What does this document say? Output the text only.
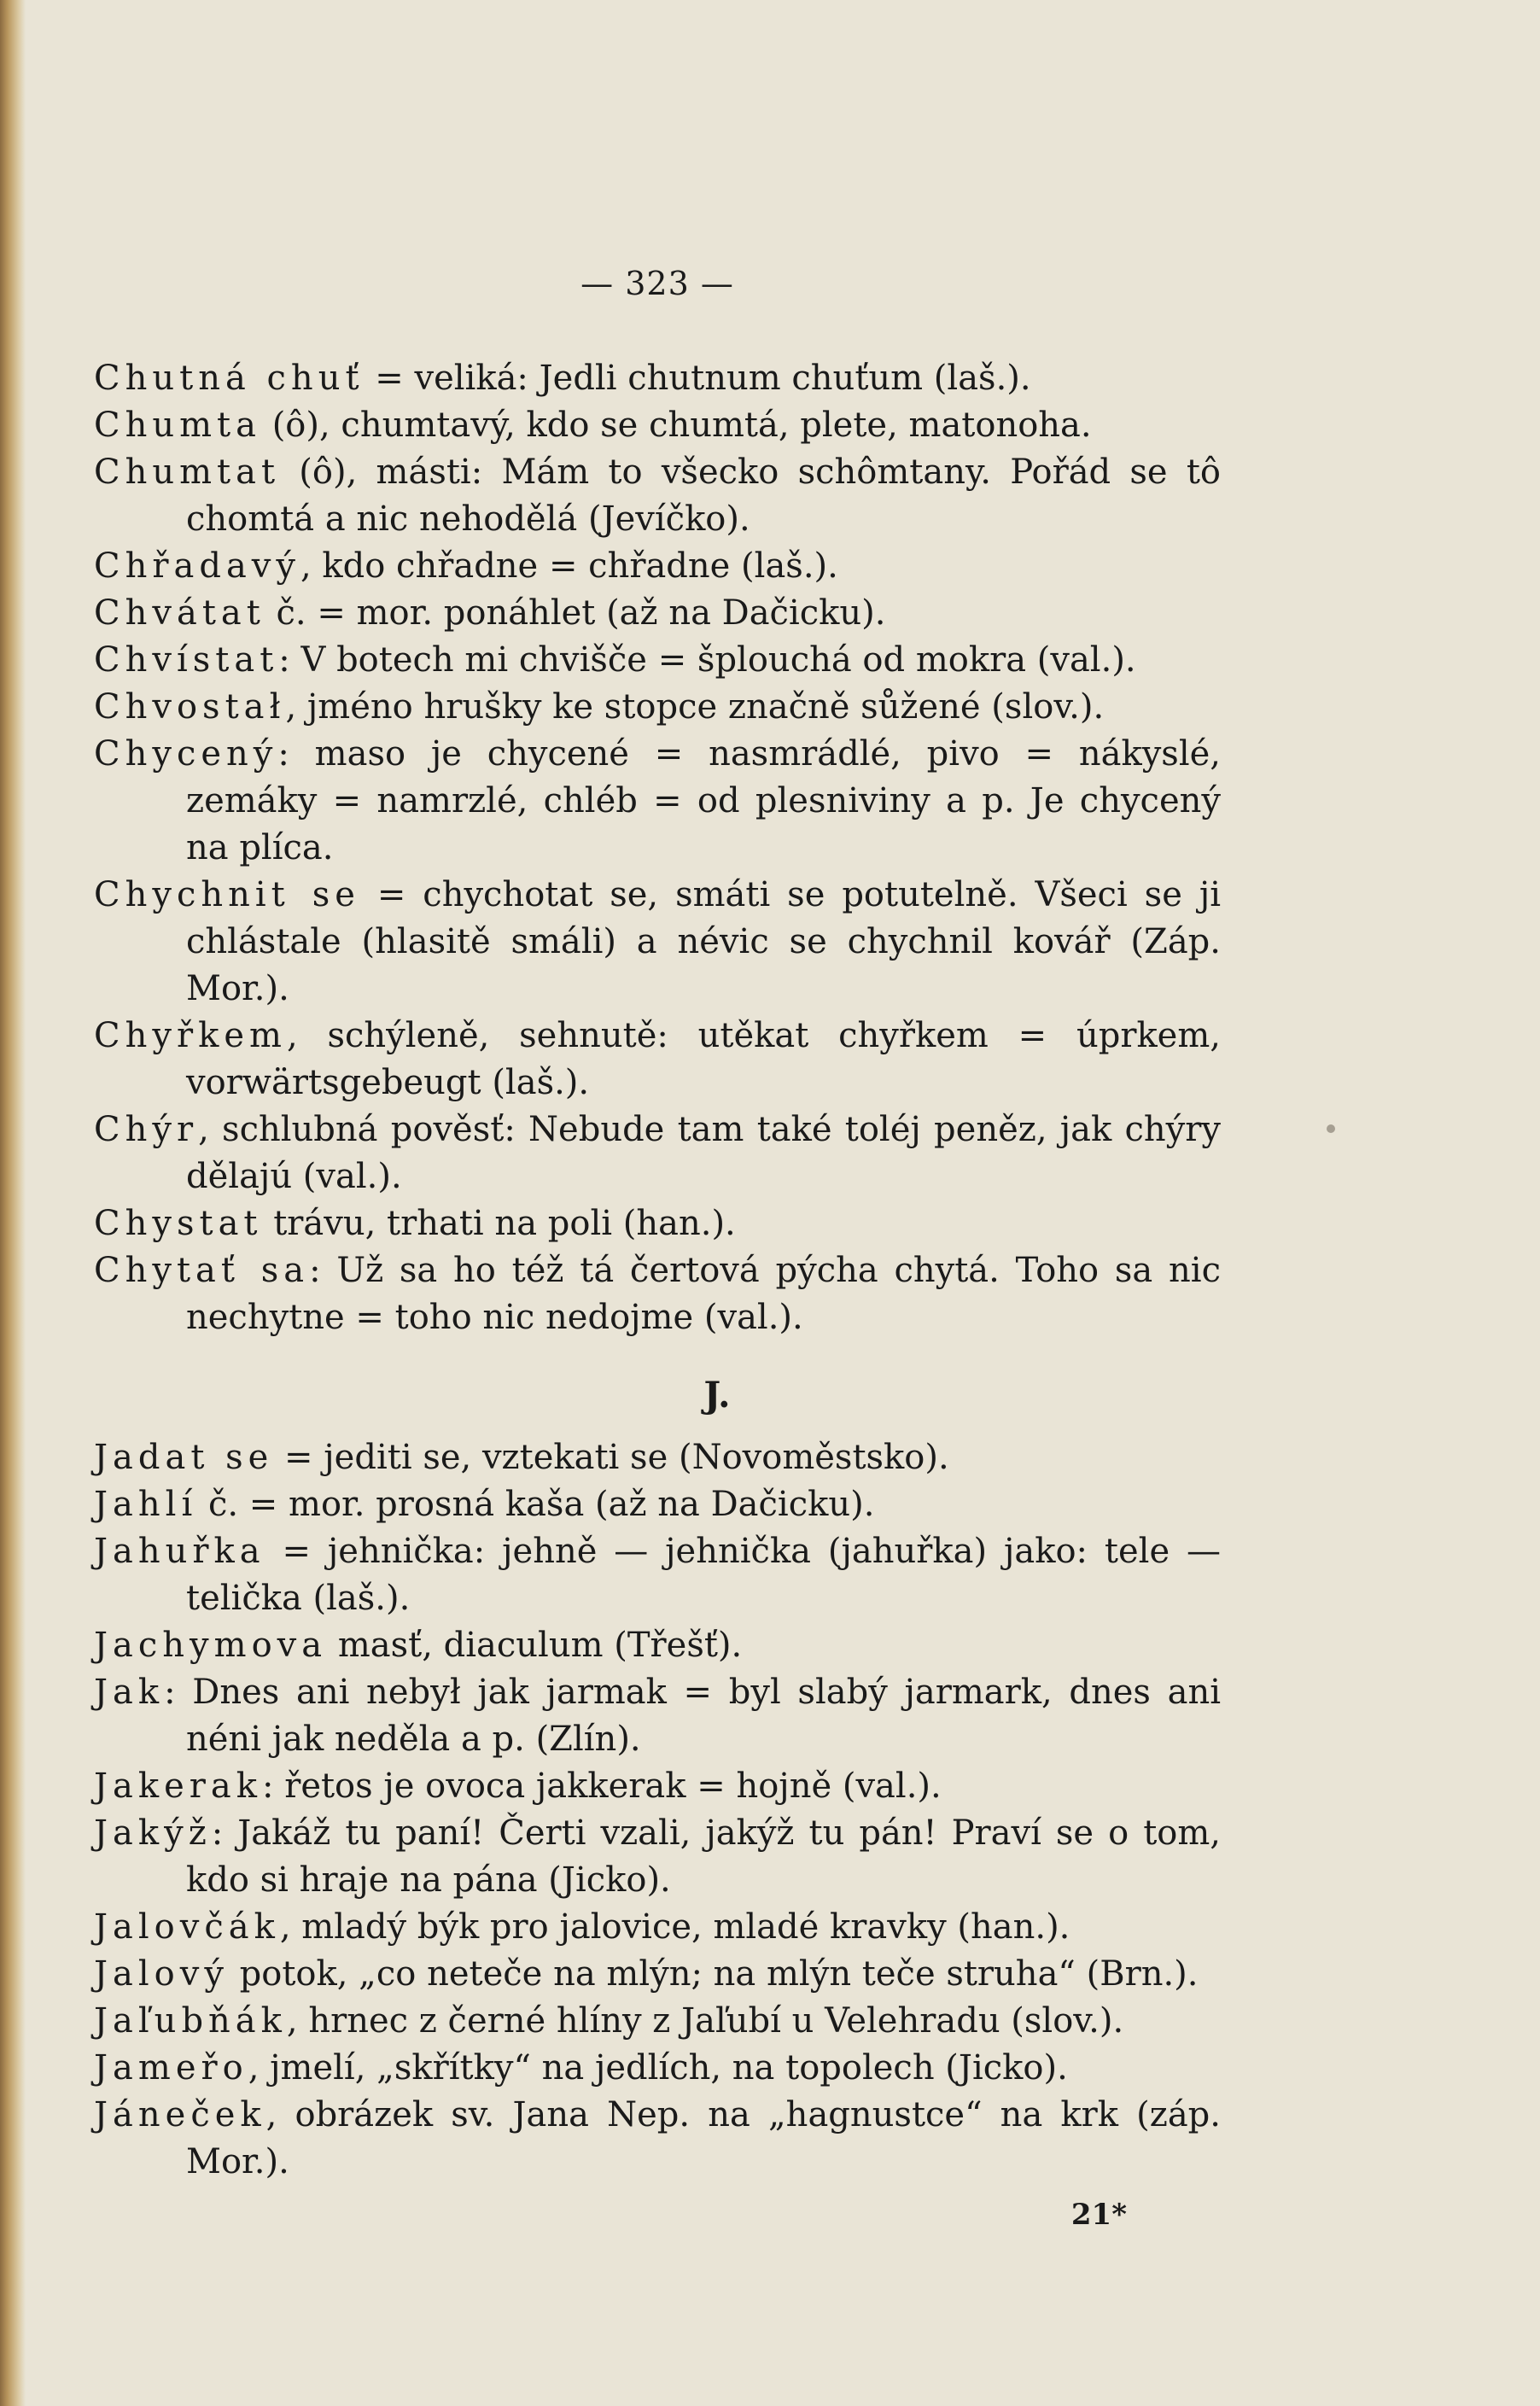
— 323 —
Chutná chuť = veliká: Jedli chutnum chuťum (laš.).
Chumta (ô), chumtavý, kdo se chumtá, plete, matonoha.
Chumtat (ô), másti: Mám to všecko schômtany. Pořád se tô chomtá a nic nehodělá (Jevíčko).
Chřadavý, kdo chřadne = chřadne (laš.).
Chvátat č. = mor. ponáhlet (až na Dačicku).
Chvístat: V botech mi chvišče = šplouchá od mokra (val.).
Chvostał, jméno hrušky ke stopce značně sůžené (slov.).
Chycený: maso je chycené = nasmrádlé, pivo = nákyslé, zemáky = namrzlé, chléb = od plesniviny a p. Je chycený na plíca.
Chychnit se = chychotat se, smáti se potutelně. Všeci se ji chlástale (hlasitě smáli) a névic se chychnil kovář (Záp. Mor.).
Chyřkem, schýleně, sehnutě: utěkat chyřkem = úprkem, vorwärtsgebeugt (laš.).
Chýr, schlubná pověsť: Nebude tam také toléj peněz, jak chýry dělajú (val.).
Chystat trávu, trhati na poli (han.).
Chytať sa: Už sa ho též tá čertová pýcha chytá. Toho sa nic nechytne = toho nic nedojme (val.).
J.
Jadat se = jediti se, vztekati se (Novoměstsko).
Jahlí č. = mor. prosná kaša (až na Dačicku).
Jahuřka = jehnička: jehně — jehnička (jahuřka) jako: tele — telička (laš.).
Jachymova masť, diaculum (Třešť).
Jak: Dnes ani nebył jak jarmak = byl slabý jarmark, dnes ani néni jak neděla a p. (Zlín).
Jakerak: řetos je ovoca jakkerak = hojně (val.).
Jakýž: Jakáž tu paní! Čerti vzali, jakýž tu pán! Praví se o tom, kdo si hraje na pána (Jicko).
Jalovčák, mladý býk pro jalovice, mladé kravky (han.).
Jalový potok, „co neteče na mlýn; na mlýn teče struha“ (Brn.).
Jaľubňák, hrnec z černé hlíny z Jaľubí u Velehradu (slov.).
Jameřo, jmelí, „skřítky“ na jedlích, na topolech (Jicko).
Jáneček, obrázek sv. Jana Nep. na „hagnustce“ na krk (záp. Mor.).
21*
